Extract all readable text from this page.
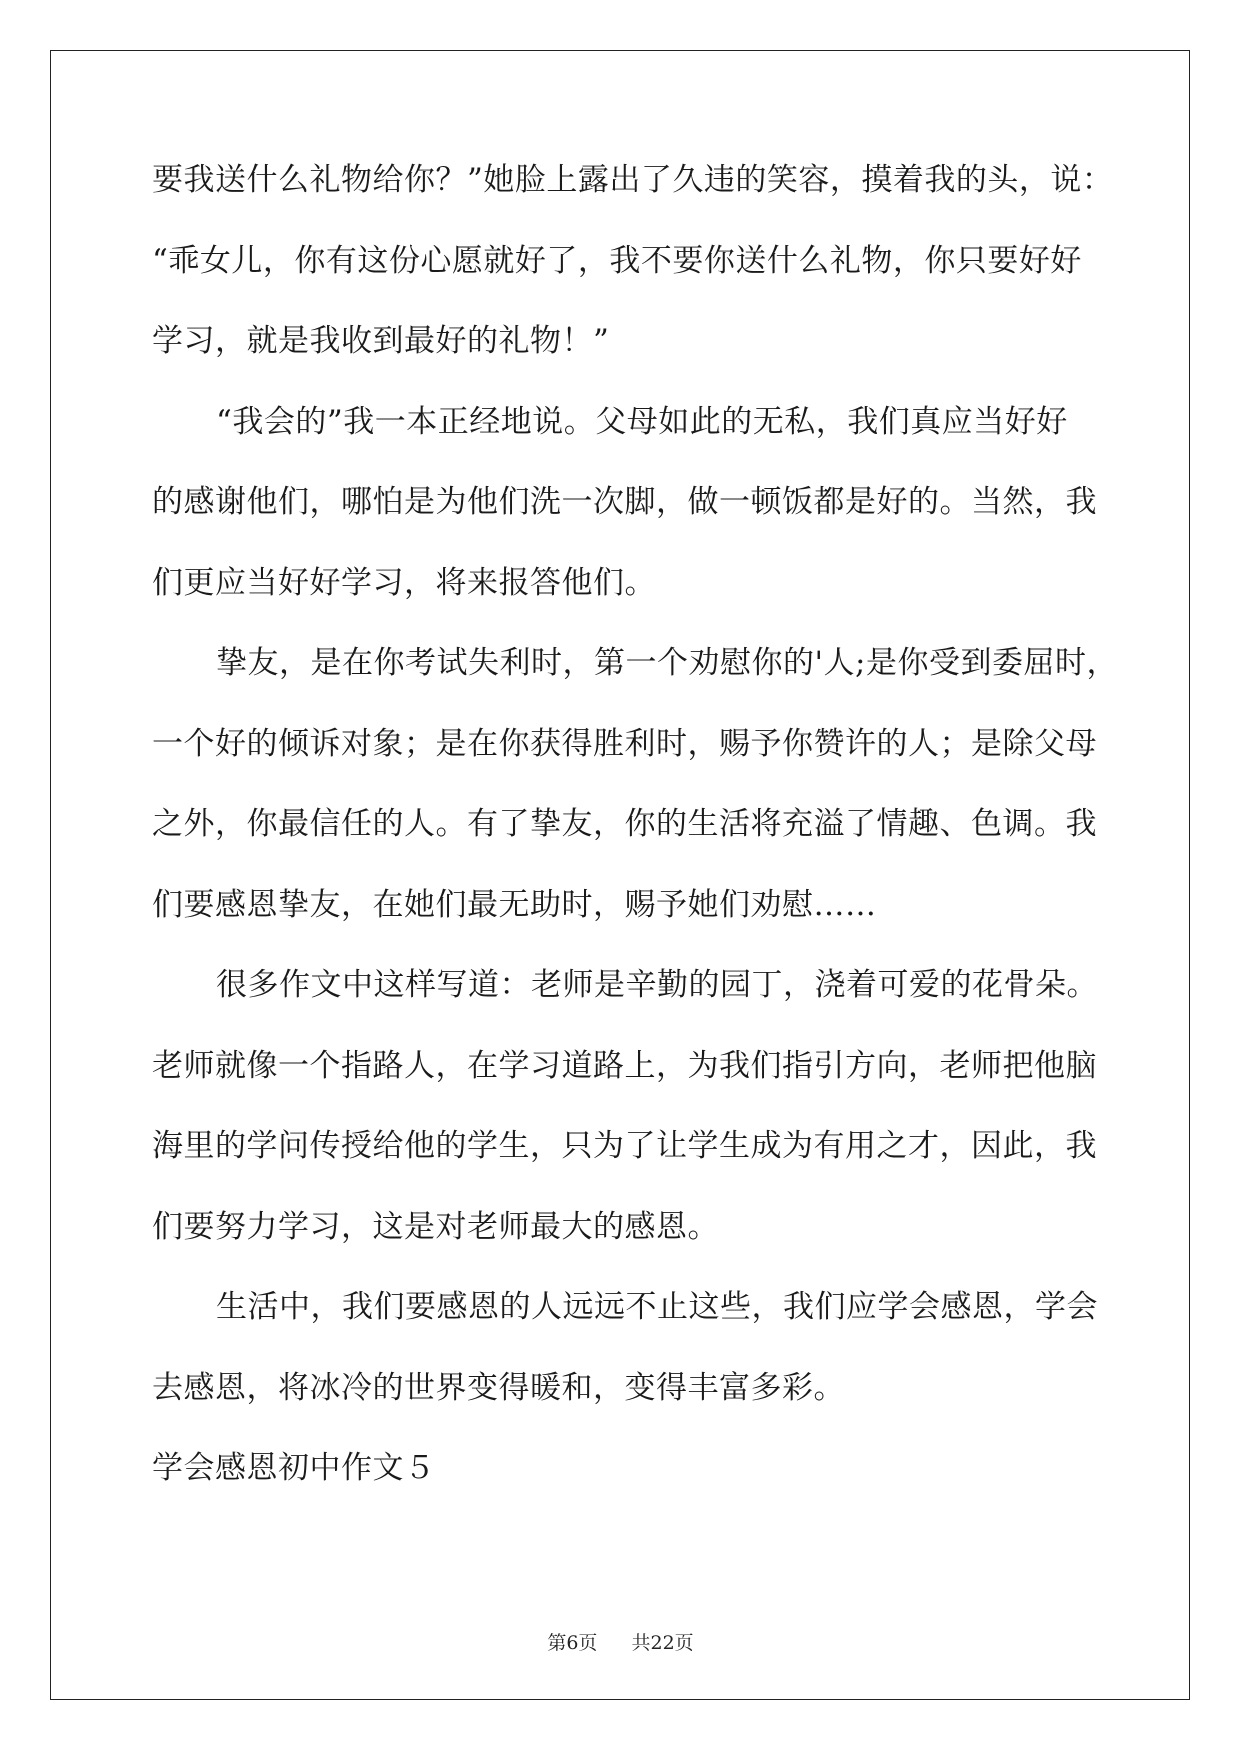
要我送什么礼物给你？”她脸上露出了久违的笑容，摸着我的头，说：
“乖女儿，你有这份心愿就好了，我不要你送什么礼物，你只要好好
学习，就是我收到最好的礼物！”
“我会的”我一本正经地说。父母如此的无私，我们真应当好好
的感谢他们，哪怕是为他们洗一次脚，做一顿饭都是好的。当然，我
们更应当好好学习，将来报答他们。
挚友，是在你考试失利时，第一个劝慰你的'人;是你受到委屈时，
一个好的倾诉对象；是在你获得胜利时，赐予你赞许的人；是除父母
之外，你最信任的人。有了挚友，你的生活将充溢了情趣、色调。我
们要感恩挚友，在她们最无助时，赐予她们劝慰……
很多作文中这样写道：老师是辛勤的园丁，浇着可爱的花骨朵。
老师就像一个指路人，在学习道路上，为我们指引方向，老师把他脑
海里的学问传授给他的学生，只为了让学生成为有用之才，因此，我
们要努力学习，这是对老师最大的感恩。
生活中，我们要感恩的人远远不止这些，我们应学会感恩，学会
去感恩，将冰冷的世界变得暖和，变得丰富多彩。
学会感恩初中作文５
第6页 共22页
